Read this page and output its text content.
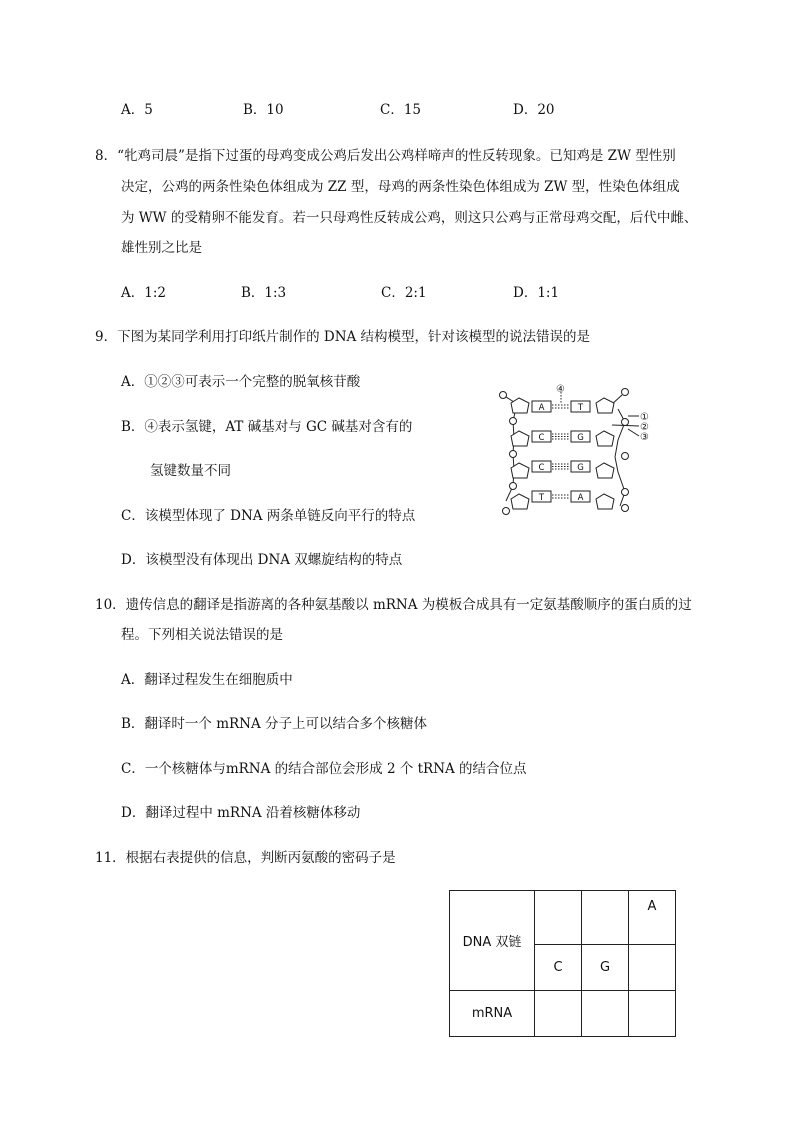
A．5	B．10	C．15	D．20
8．“牝鸡司晨”是指下过蛋的母鸡变成公鸡后发出公鸡样啼声的性反转现象。已知鸡是 ZW 型性别
决定，公鸡的两条性染色体组成为 ZZ 型，母鸡的两条性染色体组成为 ZW 型，性染色体组成
为 WW 的受精卵不能发育。若一只母鸡性反转成公鸡，则这只公鸡与正常母鸡交配，后代中雌、
雄性别之比是
A．1:2	B．1:3	C．2:1	D．1:1
9．下图为某同学利用打印纸片制作的 DNA 结构模型，针对该模型的说法错误的是
A．①②③可表示一个完整的脱氧核苷酸
B．④表示氢键，AT 碱基对与 GC 碱基对含有的
氢键数量不同
C．该模型体现了 DNA 两条单链反向平行的特点
D．该模型没有体现出 DNA 双螺旋结构的特点
A
C
C
T
T
G
G
A
④
①
②
③
10．遗传信息的翻译是指游离的各种氨基酸以 mRNA 为模板合成具有一定氨基酸顺序的蛋白质的过
程。下列相关说法错误的是
A．翻译过程发生在细胞质中
B．翻译时一个 mRNA 分子上可以结合多个核糖体
C．一个核糖体与mRNA 的结合部位会形成 2 个 tRNA 的结合位点
D．翻译过程中 mRNA 沿着核糖体移动
11．根据右表提供的信息，判断丙氨酸的密码子是
DNA 双链			A
	C	G	
mRNA			
